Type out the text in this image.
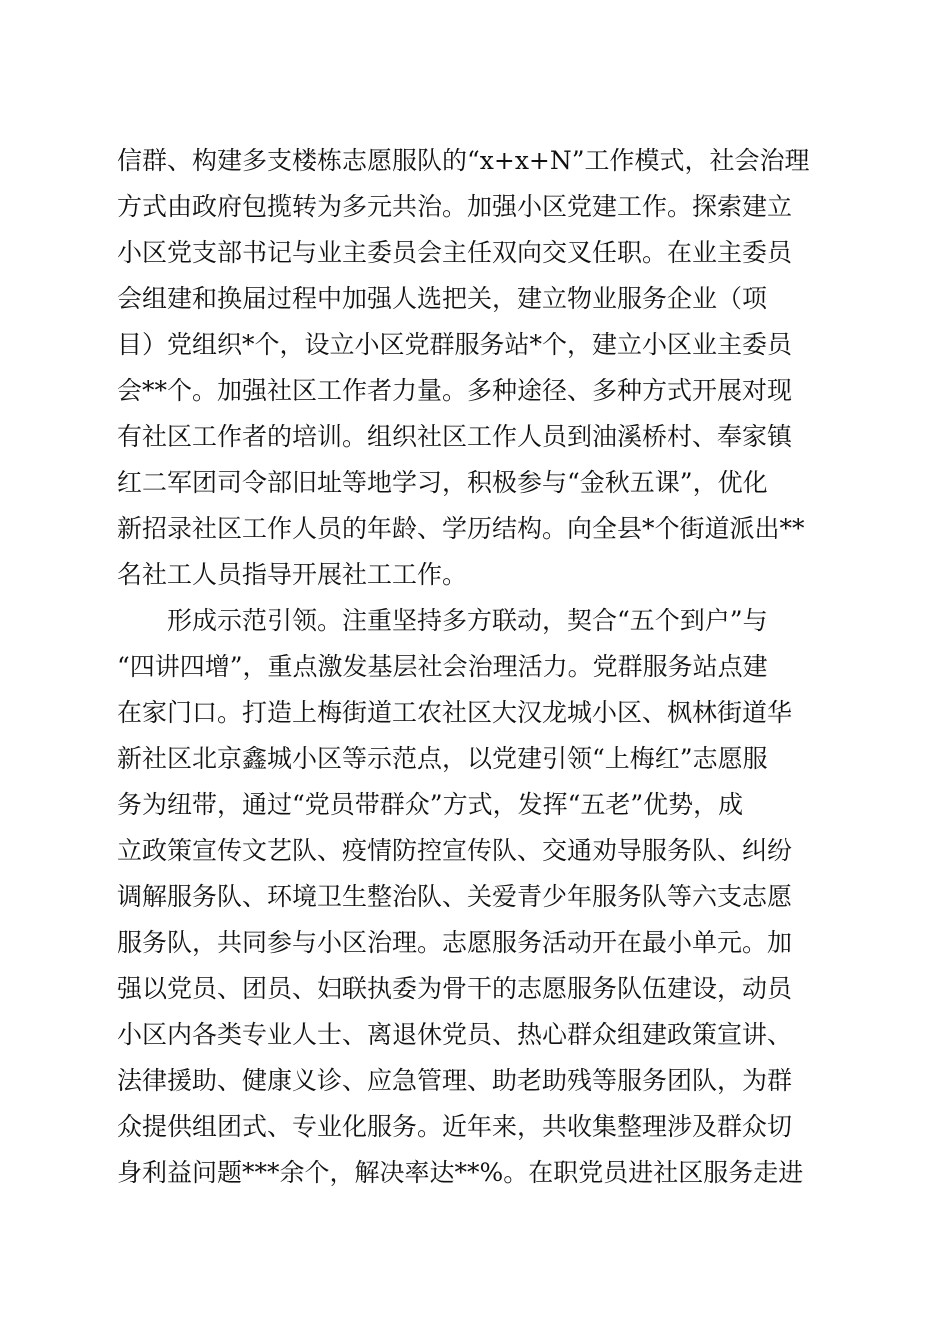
信群、构建多支楼栋志愿服队的“x+x+N”工作模式，社会治理
方式由政府包揽转为多元共治。加强小区党建工作。探索建立
小区党支部书记与业主委员会主任双向交叉任职。在业主委员
会组建和换届过程中加强人选把关，建立物业服务企业（项
目）党组织*个，设立小区党群服务站*个，建立小区业主委员
会**个。加强社区工作者力量。多种途径、多种方式开展对现
有社区工作者的培训。组织社区工作人员到油溪桥村、奉家镇
红二军团司令部旧址等地学习，积极参与“金秋五课”，优化
新招录社区工作人员的年龄、学历结构。向全县*个街道派出**
名社工人员指导开展社工工作。
形成示范引领。注重坚持多方联动，契合“五个到户”与
“四讲四增”，重点激发基层社会治理活力。党群服务站点建
在家门口。打造上梅街道工农社区大汉龙城小区、枫林街道华
新社区北京鑫城小区等示范点，以党建引领“上梅红”志愿服
务为纽带，通过“党员带群众”方式，发挥“五老”优势，成
立政策宣传文艺队、疫情防控宣传队、交通劝导服务队、纠纷
调解服务队、环境卫生整治队、关爱青少年服务队等六支志愿
服务队，共同参与小区治理。志愿服务活动开在最小单元。加
强以党员、团员、妇联执委为骨干的志愿服务队伍建设，动员
小区内各类专业人士、离退休党员、热心群众组建政策宣讲、
法律援助、健康义诊、应急管理、助老助残等服务团队，为群
众提供组团式、专业化服务。近年来，共收集整理涉及群众切
身利益问题***余个，解决率达**%。在职党员进社区服务走进
